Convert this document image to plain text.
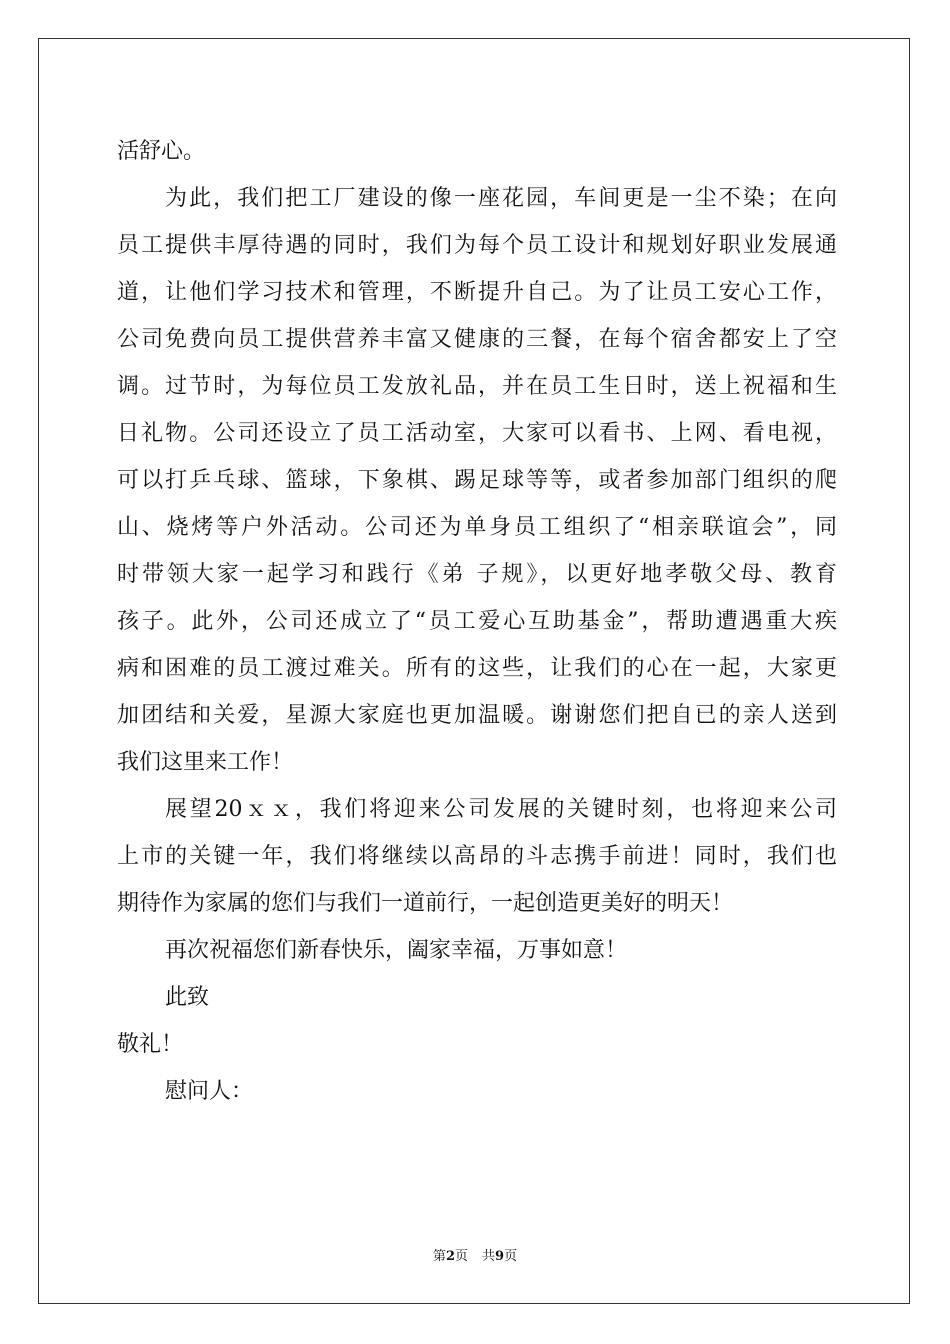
活舒心。
为此，我们把工厂建设的像一座花园，车间更是一尘不染；在向
员工提供丰厚待遇的同时，我们为每个员工设计和规划好职业发展通
道，让他们学习技术和管理，不断提升自己。为了让员工安心工作，
公司免费向员工提供营养丰富又健康的三餐，在每个宿舍都安上了空
调。过节时，为每位员工发放礼品，并在员工生日时，送上祝福和生
日礼物。公司还设立了员工活动室，大家可以看书、上网、看电视，
可以打乒乓球、篮球，下象棋、踢足球等等，或者参加部门组织的爬
山、烧烤等户外活动。公司还为单身员工组织了“相亲联谊会”，同
时带领大家一起学习和践行《弟 子规》，以更好地孝敬父母、教育
孩子。此外，公司还成立了“员工爱心互助基金”，帮助遭遇重大疾
病和困难的员工渡过难关。所有的这些，让我们的心在一起，大家更
加团结和关爱，星源大家庭也更加温暖。谢谢您们把自已的亲人送到
我们这里来工作！
展望20ｘｘ，我们将迎来公司发展的关键时刻，也将迎来公司
上市的关键一年，我们将继续以高昂的斗志携手前进！同时，我们也
期待作为家属的您们与我们一道前行，一起创造更美好的明天！
再次祝福您们新春快乐，阖家幸福，万事如意！
此致
敬礼！
慰问人：
第2页 共9页
